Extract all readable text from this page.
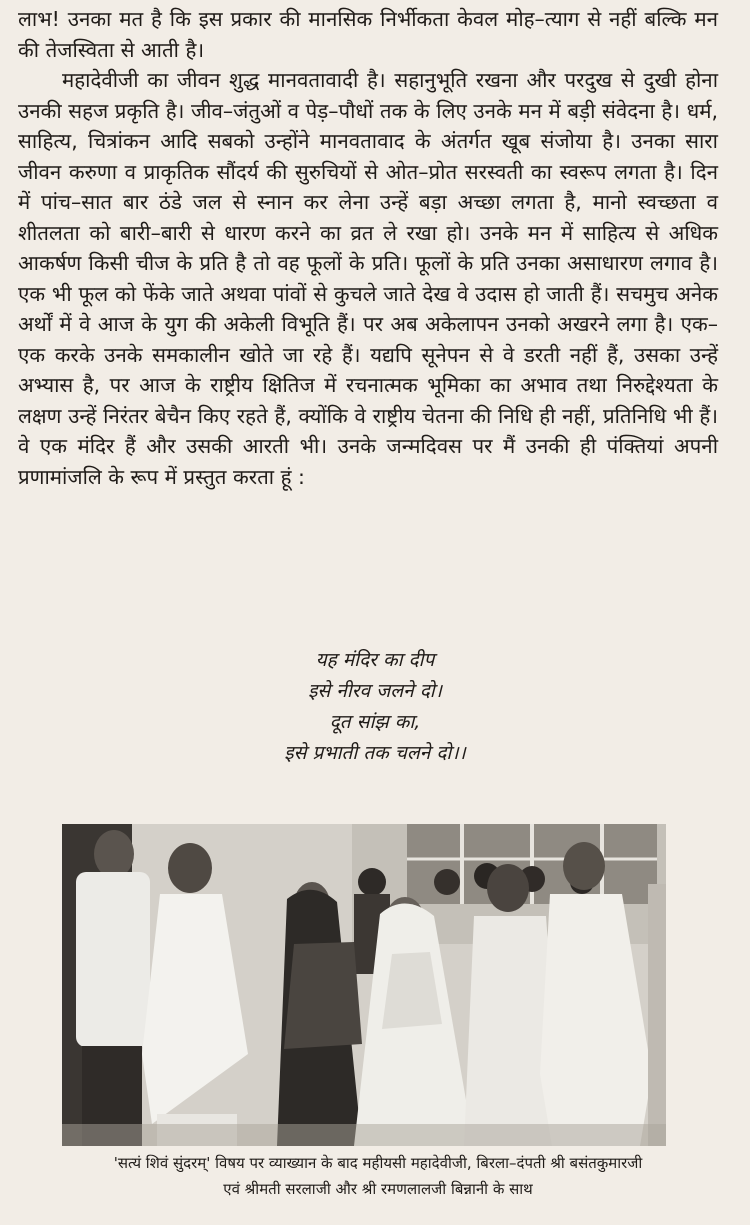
लाभ! उनका मत है कि इस प्रकार की मानसिक निर्भीकता केवल मोह–त्याग से नहीं बल्कि मन की तेजस्विता से आती है।

महादेवीजी का जीवन शुद्ध मानवतावादी है। सहानुभूति रखना और परदुख से दुखी होना उनकी सहज प्रकृति है। जीव–जंतुओं व पेड़–पौधों तक के लिए उनके मन में बड़ी संवेदना है। धर्म, साहित्य, चित्रांकन आदि सबको उन्होंने मानवतावाद के अंतर्गत खूब संजोया है। उनका सारा जीवन करुणा व प्राकृतिक सौंदर्य की सुरुचियों से ओत–प्रोत सरस्वती का स्वरूप लगता है। दिन में पांच–सात बार ठंडे जल से स्नान कर लेना उन्हें बड़ा अच्छा लगता है, मानो स्वच्छता व शीतलता को बारी–बारी से धारण करने का व्रत ले रखा हो। उनके मन में साहित्य से अधिक आकर्षण किसी चीज के प्रति है तो वह फूलों के प्रति। फूलों के प्रति उनका असाधारण लगाव है। एक भी फूल को फेंके जाते अथवा पांवों से कुचले जाते देख वे उदास हो जाती हैं। सचमुच अनेक अर्थों में वे आज के युग की अकेली विभूति हैं। पर अब अकेलापन उनको अखरने लगा है। एक–एक करके उनके समकालीन खोते जा रहे हैं। यद्यपि सूनेपन से वे डरती नहीं हैं, उसका उन्हें अभ्यास है, पर आज के राष्ट्रीय क्षितिज में रचनात्मक भूमिका का अभाव तथा निरुद्देश्यता के लक्षण उन्हें निरंतर बेचैन किए रहते हैं, क्योंकि वे राष्ट्रीय चेतना की निधि ही नहीं, प्रतिनिधि भी हैं। वे एक मंदिर हैं और उसकी आरती भी। उनके जन्मदिवस पर मैं उनकी ही पंक्तियां अपनी प्रणामांजलि के रूप में प्रस्तुत करता हूं :

यह मंदिर का दीप
इसे नीरव जलने दो।
दूत सांझ का,
इसे प्रभाती तक चलने दो।।
'सत्यं शिवं सुंदरम्' विषय पर व्याख्यान के बाद महीयसी महादेवीजी, बिरला–दंपती श्री बसंतकुमारजी
एवं श्रीमती सरलाजी और श्री रमणलालजी बिन्नानी के साथ
